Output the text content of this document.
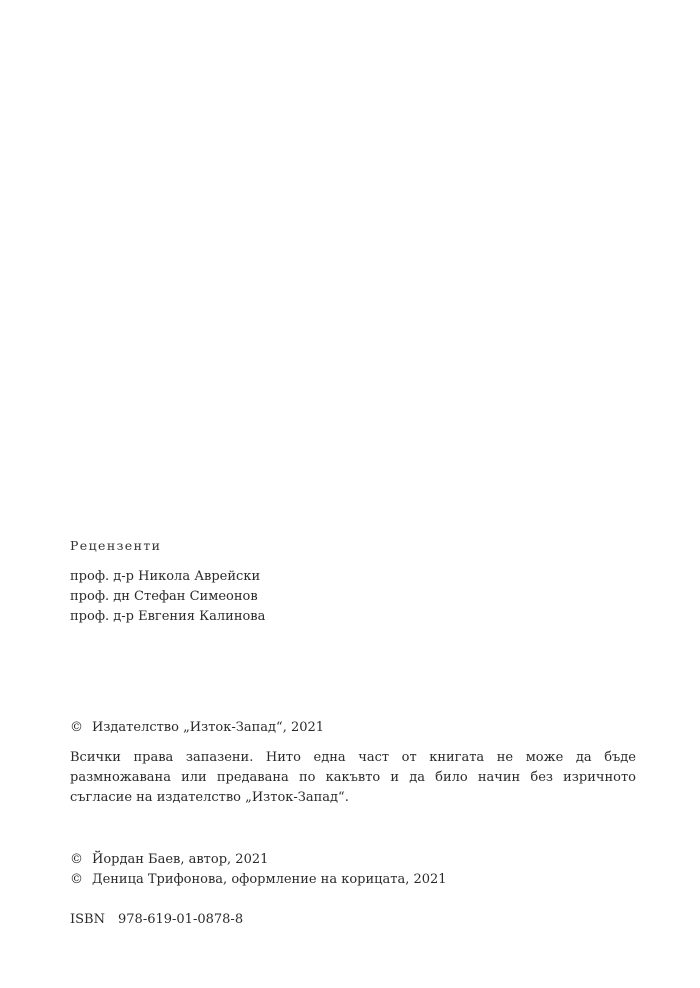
Рецензенти
проф. д-р Никола Аврейски
проф. дн Стефан Симеонов
проф. д-р Евгения Калинова
© Издателство „Изток-Запад“, 2021

Всички права запазени. Нито една част от книгата не може да бъде размножавана или предавана по какъвто и да било начин без изричното съгласие на издателство „Изток-Запад“.

© Йордан Баев, автор, 2021
© Деница Трифонова, оформление на корицата, 2021
ISBN 978-619-01-0878-8
